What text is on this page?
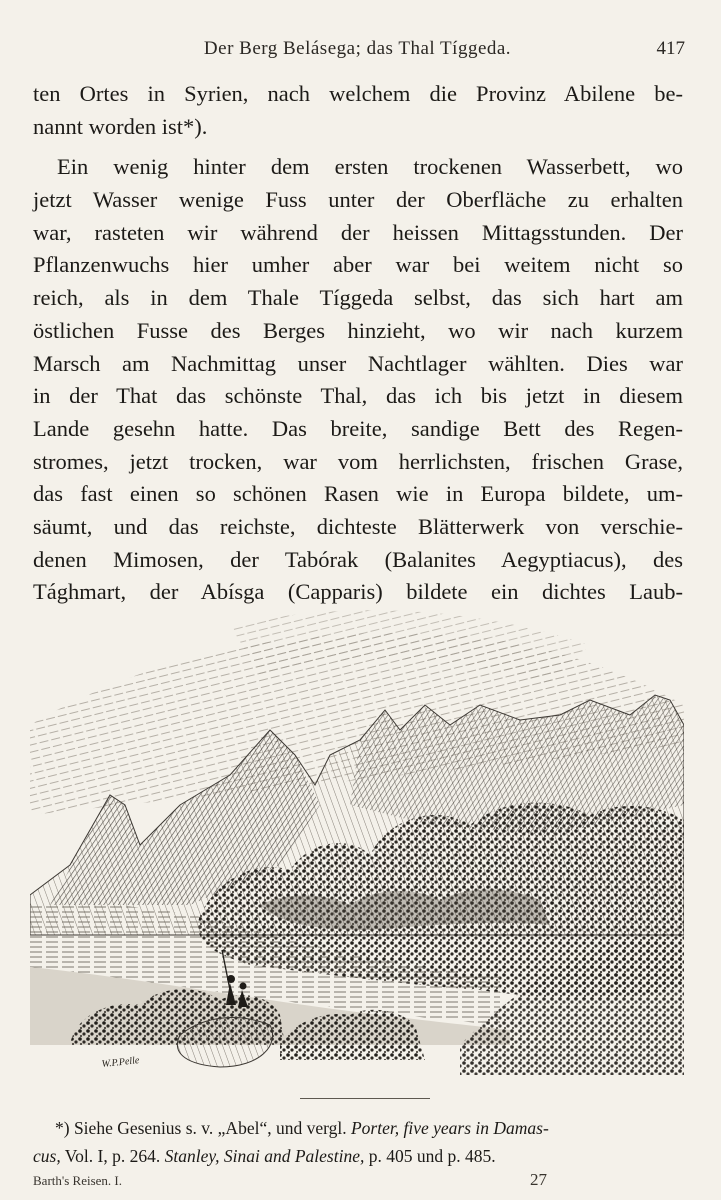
Der Berg Belásega; das Thal Tíggeda.	417
ten Ortes in Syrien, nach welchem die Provinz Abilene be-
nannt worden ist*).
Ein wenig hinter dem ersten trockenen Wasserbett, wo
jetzt Wasser wenige Fuss unter der Oberfläche zu erhalten
war, rasteten wir während der heissen Mittagsstunden. Der
Pflanzenwuchs hier umher aber war bei weitem nicht so
reich, als in dem Thale Tíggeda selbst, das sich hart am
östlichen Fusse des Berges hinzieht, wo wir nach kurzem
Marsch am Nachmittag unser Nachtlager wählten. Dies war
in der That das schönste Thal, das ich bis jetzt in diesem
Lande gesehn hatte. Das breite, sandige Bett des Regen-
stromes, jetzt trocken, war vom herrlichsten, frischen Grase,
das fast einen so schönen Rasen wie in Europa bildete, um-
säumt, und das reichste, dichteste Blätterwerk von verschie-
denen Mimosen, der Tabórak (Balanites Aegyptiacus), des
Tághmart, der Abísga (Capparis) bildete ein dichtes Laub-
W.P.Pelle
*) Siehe Gesenius s. v. „Abel“, und vergl. Porter, five years in Damas-
cus, Vol. I, p. 264. Stanley, Sinai and Palestine, p. 405 und p. 485.
Barth's Reisen. I.	27
